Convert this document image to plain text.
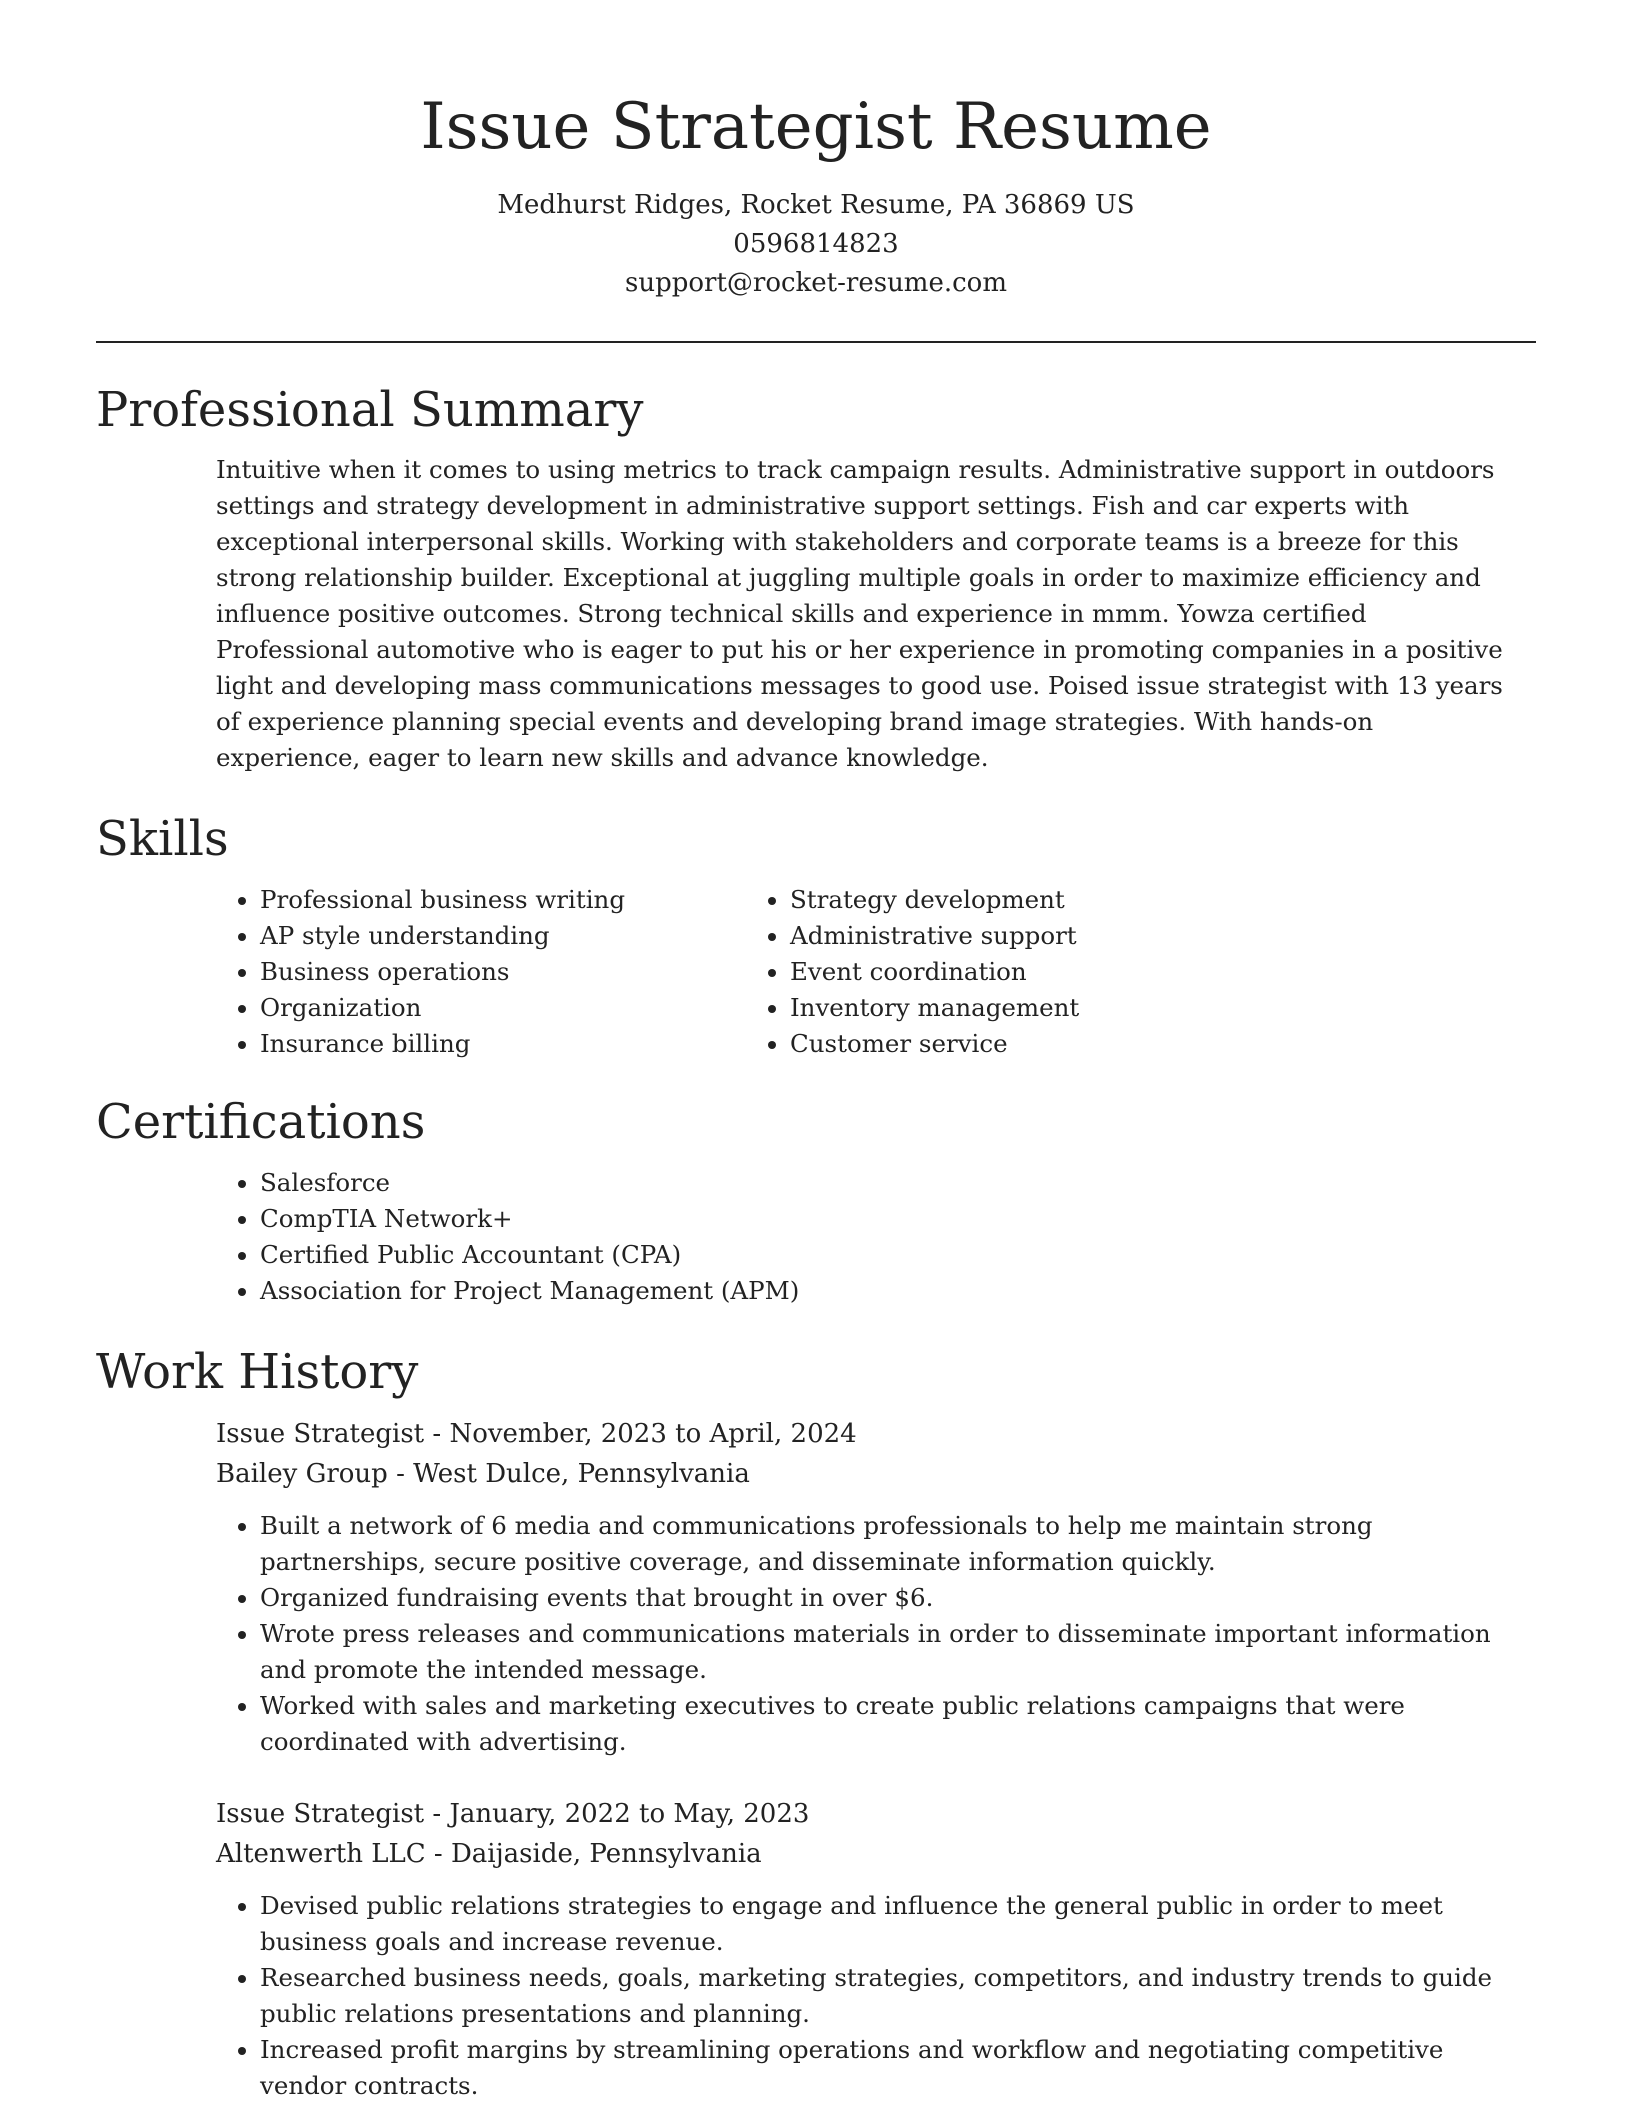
Issue Strategist Resume

Medhurst Ridges, Rocket Resume, PA 36869 US

0596814823

support@rocket-resume.com

Professional Summary

Intuitive when it comes to using metrics to track campaign results. Administrative support in outdoors settings and strategy development in administrative support settings. Fish and car experts with exceptional interpersonal skills. Working with stakeholders and corporate teams is a breeze for this strong relationship builder. Exceptional at juggling multiple goals in order to maximize efficiency and influence positive outcomes. Strong technical skills and experience in mmm. Yowza certified Professional automotive who is eager to put his or her experience in promoting companies in a positive light and developing mass communications messages to good use. Poised issue strategist with 13 years of experience planning special events and developing brand image strategies. With hands-on experience, eager to learn new skills and advance knowledge.

Skills
• Professional business writing
• AP style understanding
• Business operations
• Organization
• Insurance billing
• Strategy development
• Administrative support
• Event coordination
• Inventory management
• Customer service
Certifications
• Salesforce
• CompTIA Network+
• Certified Public Accountant (CPA)
• Association for Project Management (APM)
Work History

Issue Strategist - November, 2023 to April, 2024

Bailey Group - West Dulce, Pennsylvania

• Built a network of 6 media and communications professionals to help me maintain strong partnerships, secure positive coverage, and disseminate information quickly.
• Organized fundraising events that brought in over $6.
• Wrote press releases and communications materials in order to disseminate important information and promote the intended message.
• Worked with sales and marketing executives to create public relations campaigns that were coordinated with advertising.

Issue Strategist - January, 2022 to May, 2023

Altenwerth LLC - Daijaside, Pennsylvania

• Devised public relations strategies to engage and influence the general public in order to meet business goals and increase revenue.
• Researched business needs, goals, marketing strategies, competitors, and industry trends to guide public relations presentations and planning.
• Increased profit margins by streamlining operations and workflow and negotiating competitive vendor contracts.
